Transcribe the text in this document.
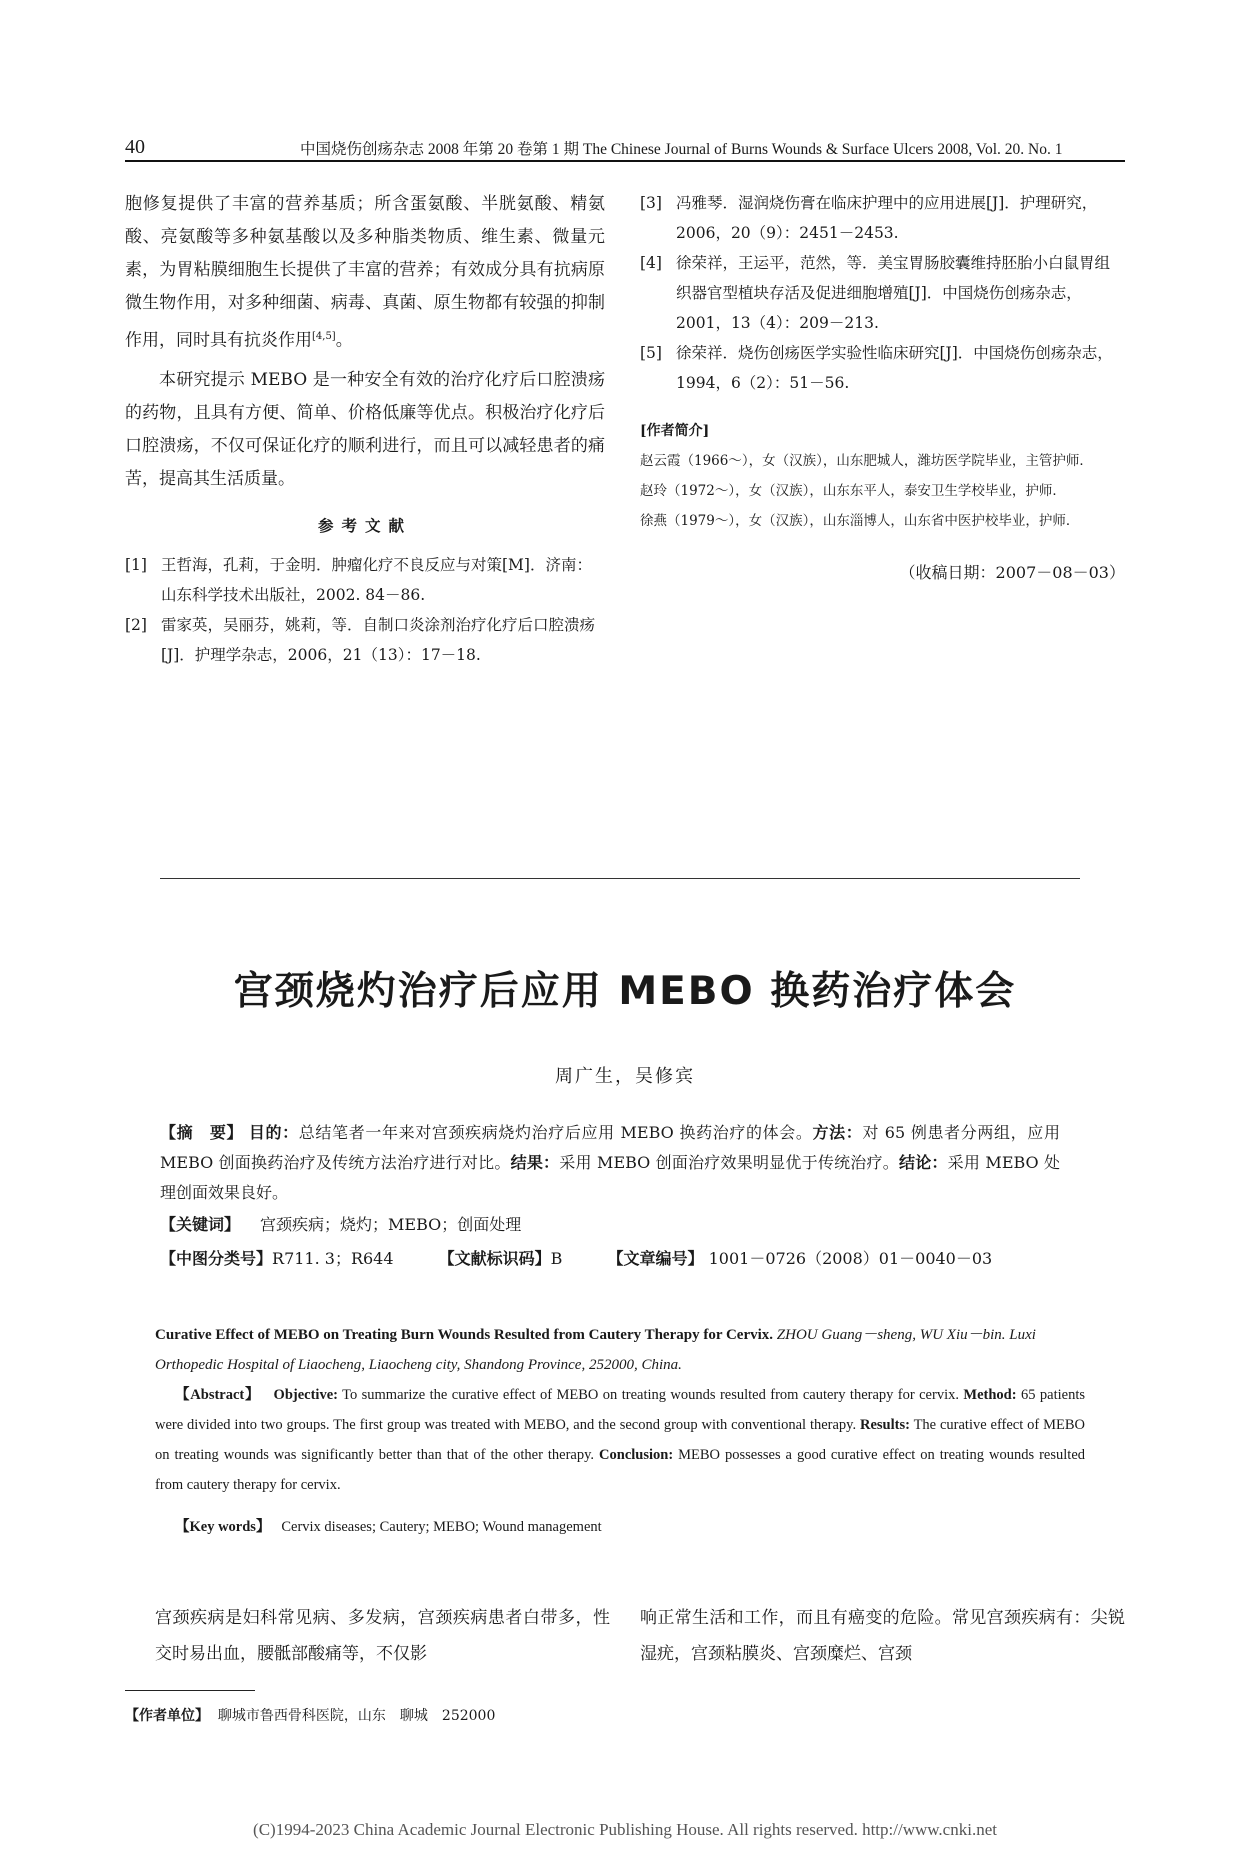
40	中国烧伤创疡杂志 2008 年第 20 卷第 1 期 The Chinese Journal of Burns Wounds & Surface Ulcers 2008, Vol. 20. No. 1

胞修复提供了丰富的营养基质；所含蛋氨酸、半胱氨酸、精氨酸、亮氨酸等多种氨基酸以及多种脂类物质、维生素、微量元素，为胃粘膜细胞生长提供了丰富的营养；有效成分具有抗病原微生物作用，对多种细菌、病毒、真菌、原生物都有较强的抑制作用，同时具有抗炎作用[4,5]。

本研究提示 MEBO 是一种安全有效的治疗化疗后口腔溃疡的药物，且具有方便、简单、价格低廉等优点。积极治疗化疗后口腔溃疡，不仅可保证化疗的顺利进行，而且可以减轻患者的痛苦，提高其生活质量。

参考文献

[1] 王哲海，孔莉，于金明．肿瘤化疗不良反应与对策[M]．济南：山东科学技术出版社，2002. 84－86.

[2] 雷家英，吴丽芬，姚莉，等．自制口炎涂剂治疗化疗后口腔溃疡[J]．护理学杂志，2006，21（13）：17－18.

[3] 冯雅琴．湿润烧伤膏在临床护理中的应用进展[J]．护理研究，2006，20（9）：2451－2453.

[4] 徐荣祥，王运平，范然，等．美宝胃肠胶囊维持胚胎小白鼠胃组织器官型植块存活及促进细胞增殖[J]．中国烧伤创疡杂志，2001，13（4）：209－213.

[5] 徐荣祥．烧伤创疡医学实验性临床研究[J]．中国烧伤创疡杂志，1994，6（2）：51－56.

[作者简介]

赵云霞（1966～），女（汉族），山东肥城人，潍坊医学院毕业，主管护师．

赵玲（1972～），女（汉族），山东东平人，泰安卫生学校毕业，护师．

徐燕（1979～），女（汉族），山东淄博人，山东省中医护校毕业，护师．

（收稿日期：2007－08－03）
宫颈烧灼治疗后应用 MEBO 换药治疗体会
周广生，吴修宾

【摘　要】 目的：总结笔者一年来对宫颈疾病烧灼治疗后应用 MEBO 换药治疗的体会。方法：对 65 例患者分两组，应用 MEBO 创面换药治疗及传统方法治疗进行对比。结果：采用 MEBO 创面治疗效果明显优于传统治疗。结论：采用 MEBO 处理创面效果良好。

【关键词】 宫颈疾病；烧灼；MEBO；创面处理

【中图分类号】R711. 3；R644	【文献标识码】B	【文章编号】 1001－0726（2008）01－0040－03

Curative Effect of MEBO on Treating Burn Wounds Resulted from Cautery Therapy for Cervix. ZHOU Guang－sheng, WU Xiu－bin. Luxi Orthopedic Hospital of Liaocheng, Liaocheng city, Shandong Province, 252000, China.

【Abstract】 Objective: To summarize the curative effect of MEBO on treating wounds resulted from cautery therapy for cervix. Method: 65 patients were divided into two groups. The first group was treated with MEBO, and the second group with conventional therapy. Results: The curative effect of MEBO on treating wounds was significantly better than that of the other therapy. Conclusion: MEBO possesses a good curative effect on treating wounds resulted from cautery therapy for cervix.

【Key words】 Cervix diseases; Cautery; MEBO; Wound management

宫颈疾病是妇科常见病、多发病，宫颈疾病患者白带多，性交时易出血，腰骶部酸痛等，不仅影

响正常生活和工作，而且有癌变的危险。常见宫颈疾病有：尖锐湿疣，宫颈粘膜炎、宫颈糜烂、宫颈

【作者单位】 聊城市鲁西骨科医院，山东　聊城　252000
(C)1994-2023 China Academic Journal Electronic Publishing House. All rights reserved. http://www.cnki.net
